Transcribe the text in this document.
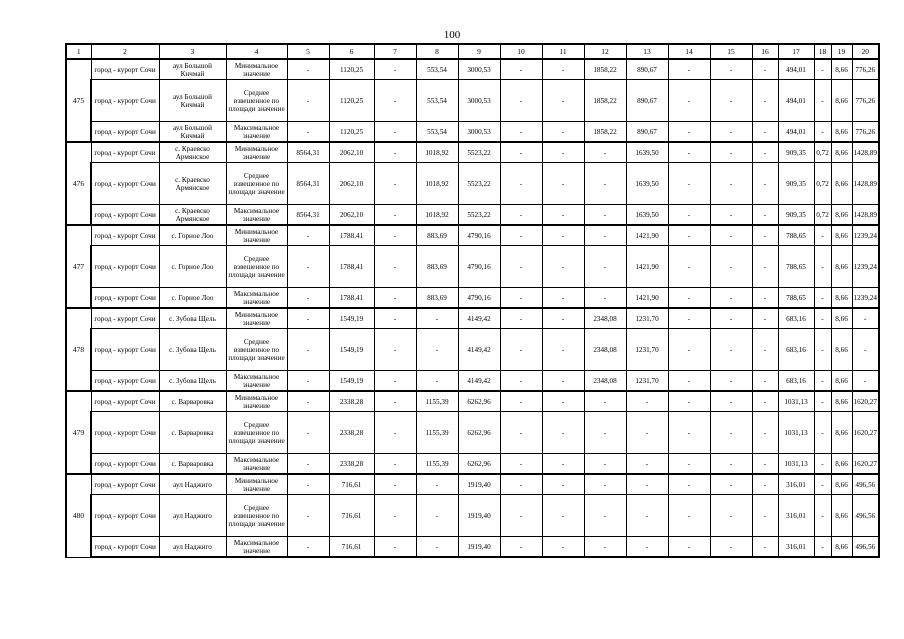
100
1	2	3	4	5	6	7	8	9	10	11	12	13	14	15	16	17	18	19	20
475	город - курорт Сочи	аул Большой Кичмай	Минимальное значение	-	1120,25	-	553,54	3000,53	-	-	1858,22	890,67	-	-	-	494,01	-	8,66	776,26
	город - курорт Сочи	аул Большой Кичмай	Среднее взвешенное по площади значение	-	1120,25	-	553,54	3000,53	-	-	1858,22	890,67	-	-	-	494,01	-	8,66	776,26
	город - курорт Сочи	аул Большой Кичмай	Максимальное значение	-	1120,25	-	553,54	3000,53	-	-	1858,22	890,67	-	-	-	494,01	-	8,66	776,26
476	город - курорт Сочи	с. Краевско Армянское	Минимальное значение	8564,31	2062,10	-	1018,92	5523,22	-	-	-	1639,50	-	-	-	909,35	0,72	8,66	1428,89
	город - курорт Сочи	с. Краевско Армянское	Среднее взвешенное по площади значение	8564,31	2062,10	-	1018,92	5523,22	-	-	-	1639,50	-	-	-	909,35	0,72	8,66	1428,89
	город - курорт Сочи	с. Краевско Армянское	Максимальное значение	8564,31	2062,10	-	1018,92	5523,22	-	-	-	1639,50	-	-	-	909,35	0,72	8,66	1428,89
477	город - курорт Сочи	с. Горное Лоо	Минимальное значение	-	1788,41	-	883,69	4790,16	-	-	-	1421,90	-	-	-	788,65	-	8,66	1239,24
	город - курорт Сочи	с. Горное Лоо	Среднее взвешенное по площади значение	-	1788,41	-	883,69	4790,16	-	-	-	1421,90	-	-	-	788,65	-	8,66	1239,24
	город - курорт Сочи	с. Горное Лоо	Максимальное значение	-	1788,41	-	883,69	4790,16	-	-	-	1421,90	-	-	-	788,65	-	8,66	1239,24
478	город - курорт Сочи	с. Зубова Щель	Минимальное значение	-	1549,19	-	-	4149,42	-	-	2348,08	1231,70	-	-	-	683,16	-	8,66	-
	город - курорт Сочи	с. Зубова Щель	Среднее взвешенное по площади значение	-	1549,19	-	-	4149,42	-	-	2348,08	1231,70	-	-	-	683,16	-	8,66	-
	город - курорт Сочи	с. Зубова Щель	Максимальное значение	-	1549,19	-	-	4149,42	-	-	2348,08	1231,70	-	-	-	683,16	-	8,66	-
479	город - курорт Сочи	с. Варваровка	Минимальное значение	-	2338,28	-	1155,39	6262,96	-	-	-	-	-	-	-	1031,13	-	8,66	1620,27
	город - курорт Сочи	с. Варваровка	Среднее взвешенное по площади значение	-	2338,28	-	1155,39	6262,96	-	-	-	-	-	-	-	1031,13	-	8,66	1620,27
	город - курорт Сочи	с. Варваровка	Максимальное значение	-	2338,28	-	1155,39	6262,96	-	-	-	-	-	-	-	1031,13	-	8,66	1620,27
480	город - курорт Сочи	аул Наджиго	Минимальное значение	-	716,61	-	-	1919,40	-	-	-	-	-	-	-	316,01	-	8,66	496,56
	город - курорт Сочи	аул Наджиго	Среднее взвешенное по площади значение	-	716,61	-	-	1919,40	-	-	-	-	-	-	-	316,01	-	8,66	496,56
	город - курорт Сочи	аул Наджиго	Максимальное значение	-	716,61	-	-	1919,40	-	-	-	-	-	-	-	316,01	-	8,66	496,56
